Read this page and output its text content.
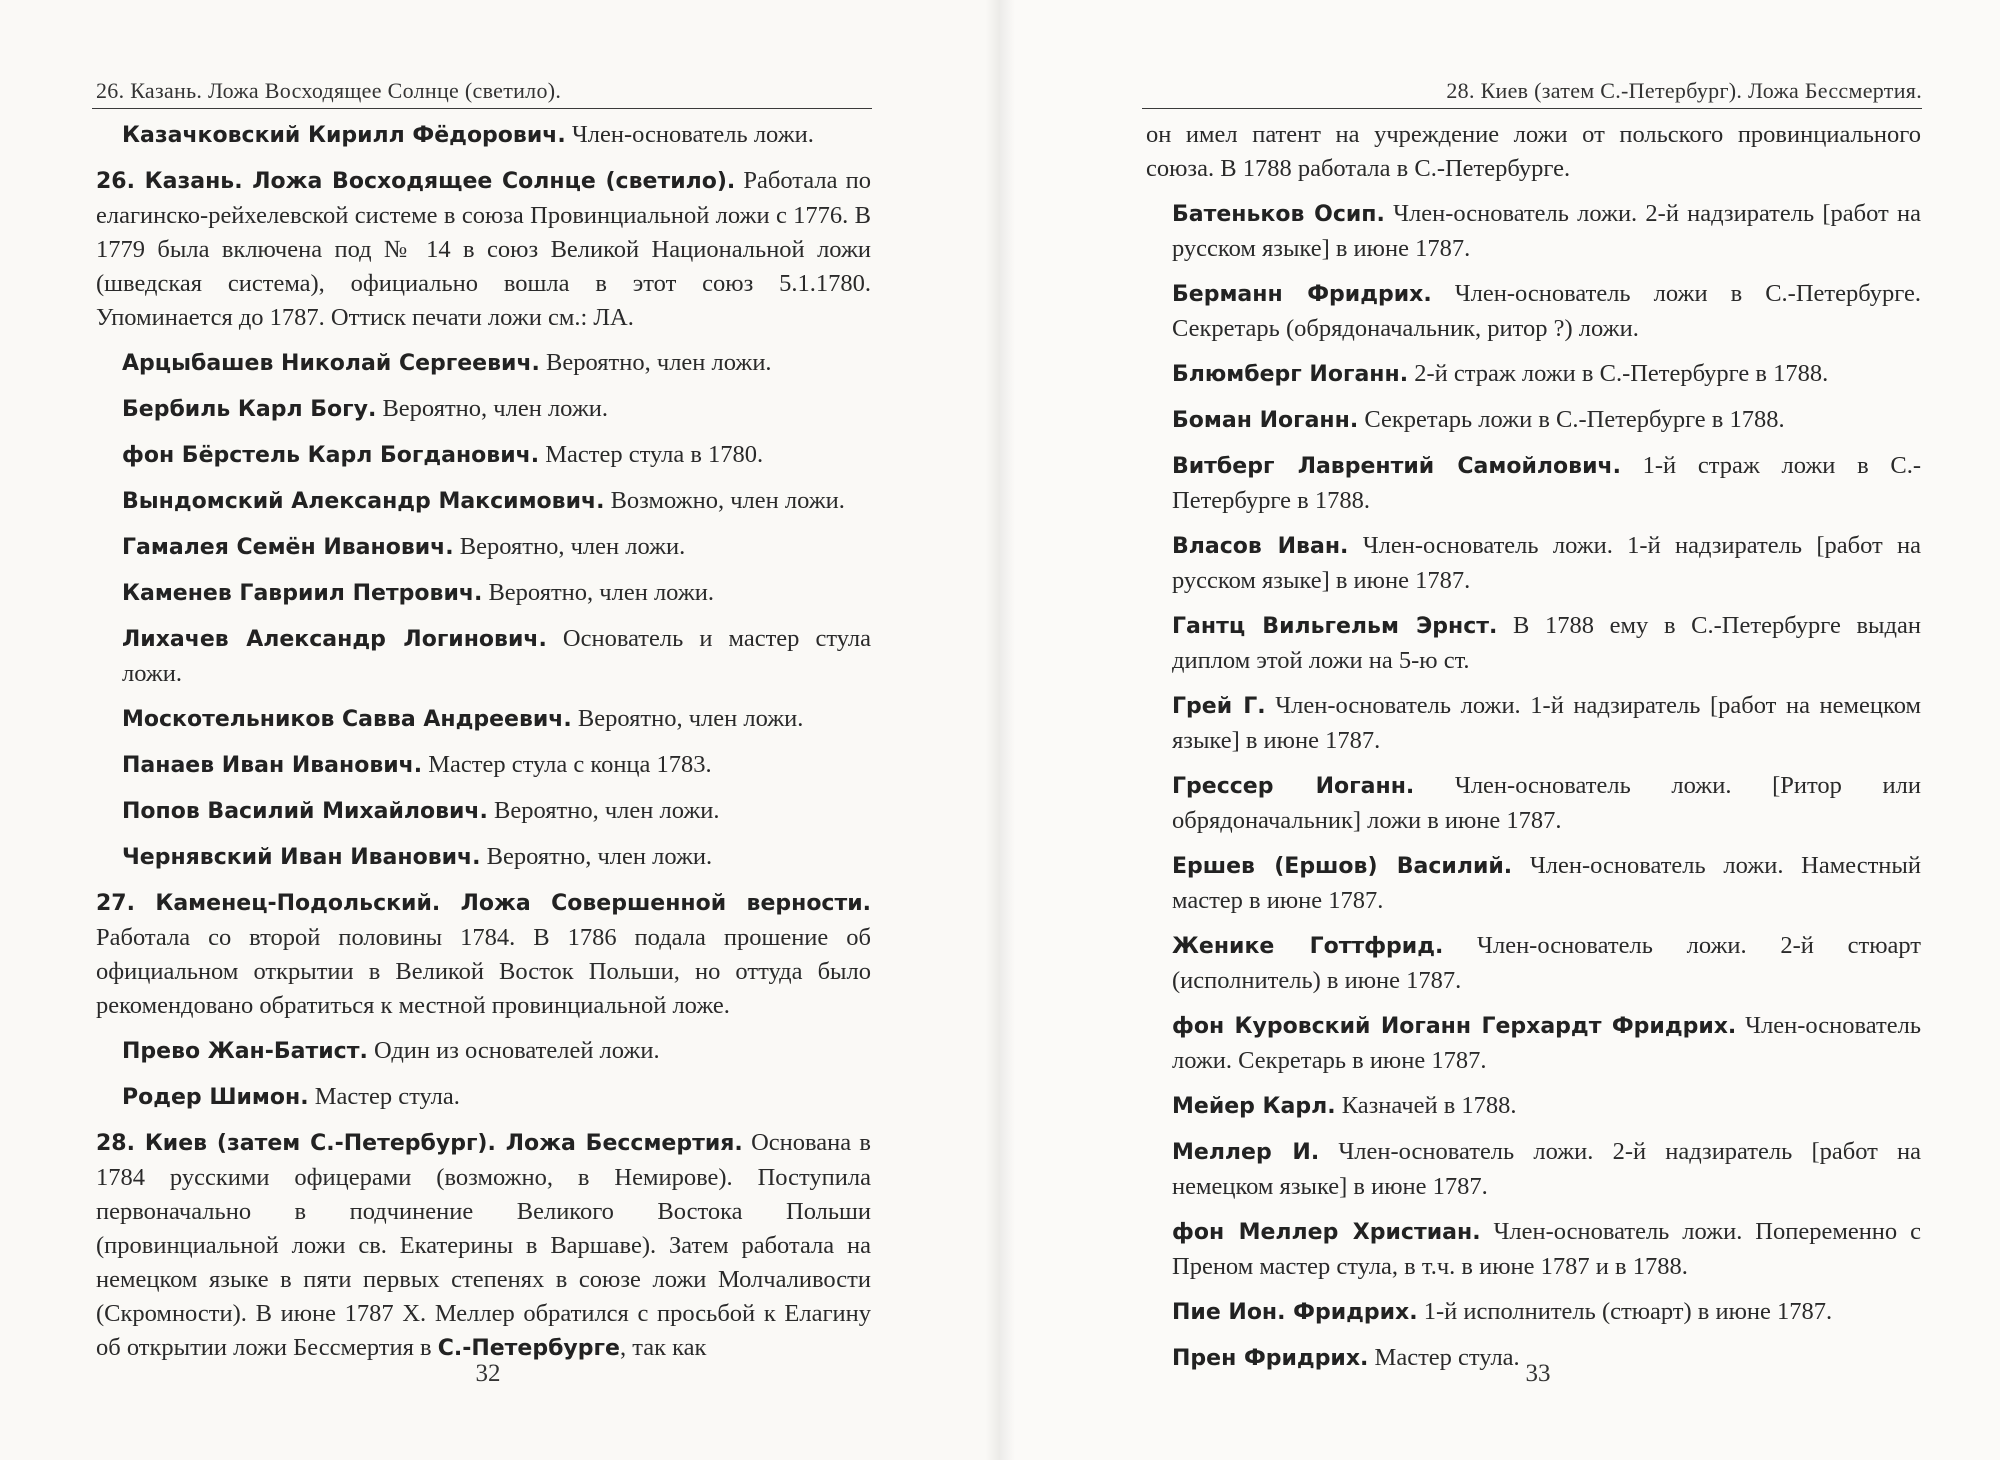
26. Казань. Ложа Восходящее Солнце (светило).

Казачковский Кирилл Фёдорович. Член-основатель ложи.

26. Казань. Ложа Восходящее Солнце (светило). Работала по елагинско-рейхелевской системе в союза Провинциальной ложи с 1776. В 1779 была включена под № 14 в союз Великой Национальной ложи (шведская система), официально вошла в этот союз 5.1.1780. Упоминается до 1787. Оттиск печати ложи см.: ЛА.

Арцыбашев Николай Сергеевич. Вероятно, член ложи.

Бербиль Карл Богу. Вероятно, член ложи.

фон Бёрстель Карл Богданович. Мастер стула в 1780.

Вындомский Александр Максимович. Возможно, член ложи.

Гамалея Семён Иванович. Вероятно, член ложи.

Каменев Гавриил Петрович. Вероятно, член ложи.

Лихачев Александр Логинович. Основатель и мастер стула ложи.

Москотельников Савва Андреевич. Вероятно, член ложи.

Панаев Иван Иванович. Мастер стула с конца 1783.

Попов Василий Михайлович. Вероятно, член ложи.

Чернявский Иван Иванович. Вероятно, член ложи.

27. Каменец-Подольский. Ложа Совершенной верности. Работала со второй половины 1784. В 1786 подала прошение об официальном открытии в Великой Восток Польши, но оттуда было рекомендовано обратиться к местной провинциальной ложе.

Прево Жан-Батист. Один из основателей ложи.

Родер Шимон. Мастер стула.

28. Киев (затем С.-Петербург). Ложа Бессмертия. Основана в 1784 русскими офицерами (возможно, в Немирове). Поступила первоначально в подчинение Великого Востока Польши (провинциальной ложи св. Екатерины в Варшаве). Затем работала на немецком языке в пяти первых степенях в союзе ложи Молчаливости (Скромности). В июне 1787 Х. Меллер обратился с просьбой к Елагину об открытии ложи Бессмертия в С.-Петербурге, так как

32
28. Киев (затем С.-Петербург). Ложа Бессмертия.

он имел патент на учреждение ложи от польского провинциального союза. В 1788 работала в С.-Петербурге.

Батеньков Осип. Член-основатель ложи. 2-й надзиратель [работ на русском языке] в июне 1787.

Берманн Фридрих. Член-основатель ложи в С.-Петербурге. Секретарь (обрядоначальник, ритор ?) ложи.

Блюмберг Иоганн. 2-й страж ложи в С.-Петербурге в 1788.

Боман Иоганн. Секретарь ложи в С.-Петербурге в 1788.

Витберг Лаврентий Самойлович. 1-й страж ложи в С.-Петербурге в 1788.

Власов Иван. Член-основатель ложи. 1-й надзиратель [работ на русском языке] в июне 1787.

Гантц Вильгельм Эрнст. В 1788 ему в С.-Петербурге выдан диплом этой ложи на 5-ю ст.

Грей Г. Член-основатель ложи. 1-й надзиратель [работ на немецком языке] в июне 1787.

Грессер Иоганн. Член-основатель ложи. [Ритор или обрядоначальник] ложи в июне 1787.

Ершев (Ершов) Василий. Член-основатель ложи. Наместный мастер в июне 1787.

Женике Готтфрид. Член-основатель ложи. 2-й стюарт (исполнитель) в июне 1787.

фон Куровский Иоганн Герхардт Фридрих. Член-основатель ложи. Секретарь в июне 1787.

Мейер Карл. Казначей в 1788.

Меллер И. Член-основатель ложи. 2-й надзиратель [работ на немецком языке] в июне 1787.

фон Меллер Христиан. Член-основатель ложи. Попеременно с Преном мастер стула, в т.ч. в июне 1787 и в 1788.

Пие Ион. Фридрих. 1-й исполнитель (стюарт) в июне 1787.

Прен Фридрих. Мастер стула.

33
